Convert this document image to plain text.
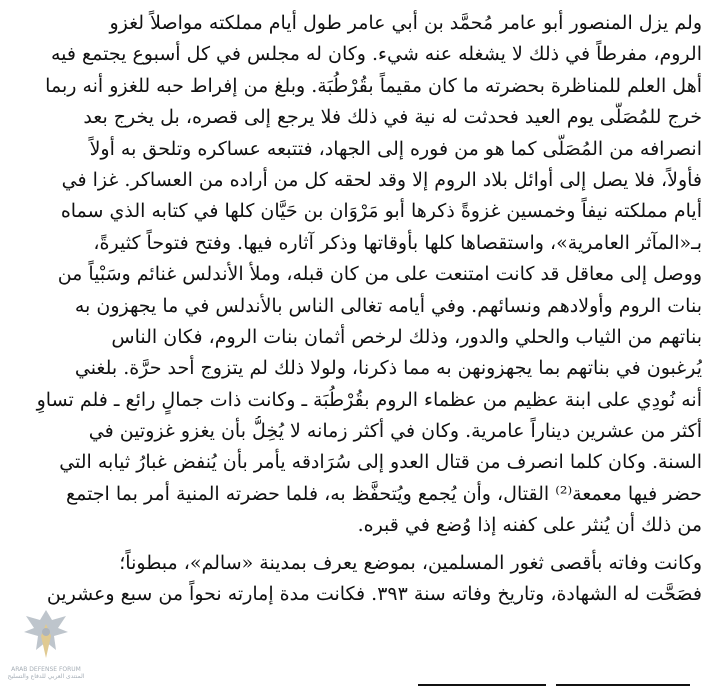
ولم يزل المنصور أبو عامر مُحمَّد بن أبي عامر طول أيام مملكته مواصلاً لغزو
الروم، مفرطاً في ذلك لا يشغله عنه شيء. وكان له مجلس في كل أسبوع يجتمع فيه
أهل العلم للمناظرة بحضرته ما كان مقيماً بقُرْطُبَة. وبلغ من إفراط حبه للغزو أنه ربما
خرج للمُصَلَّى يوم العيد فحدثت له نية في ذلك فلا يرجع إلى قصره، بل يخرج بعد
انصرافه من المُصَلَّى كما هو من فوره إلى الجهاد، فتتبعه عساكره وتلحق به أولاً
فأولاً، فلا يصل إلى أوائل بلاد الروم إلا وقد لحقه كل من أراده من العساكر. غزا في
أيام مملكته نيفاً وخمسين غزوةً ذكرها أبو مَرْوَان بن حَيَّان كلها في كتابه الذي سماه
بـ«المآثر العامرية»، واستقصاها كلها بأوقاتها وذكر آثاره فيها. وفتح فتوحاً كثيرةً،
ووصل إلى معاقل قد كانت امتنعت على من كان قبله، وملأ الأندلس غنائم وسَبْياً من
بنات الروم وأولادهم ونسائهم. وفي أيامه تغالى الناس بالأندلس في ما يجهزون به
بناتهم من الثياب والحلي والدور، وذلك لرخص أثمان بنات الروم، فكان الناس
يُرغبون في بناتهم بما يجهزونهن به مما ذكرنا، ولولا ذلك لم يتزوج أحد حرَّة. بلغني
أنه نُودِي على ابنة عظيم من عظماء الروم بقُرْطُبَة ـ وكانت ذات جمالٍ رائع ـ فلم تساوِ
أكثر من عشرين ديناراً عامرية. وكان في أكثر زمانه لا يُخِلُّ بأن يغزو غزوتين في
السنة. وكان كلما انصرف من قتال العدو إلى سُرَادقه يأمر بأن يُنفض غبارُ ثيابه التي
حضر فيها معمعة⁽²⁾ القتال، وأن يُجمع ويُتحفَّظ به، فلما حضرته المنية أمر بما اجتمع
من ذلك أن يُنثر على كفنه إذا وُضع في قبره.
وكانت وفاته بأقصى ثغور المسلمين، بموضع يعرف بمدينة «سالم»، مبطوناً؛
فصَحَّت له الشهادة، وتاريخ وفاته سنة ٣٩٣. فكانت مدة إمارته نحواً من سبع وعشرين
ARAB DEFENSE FORUM
المنتدى العربي للدفاع والتسليح
